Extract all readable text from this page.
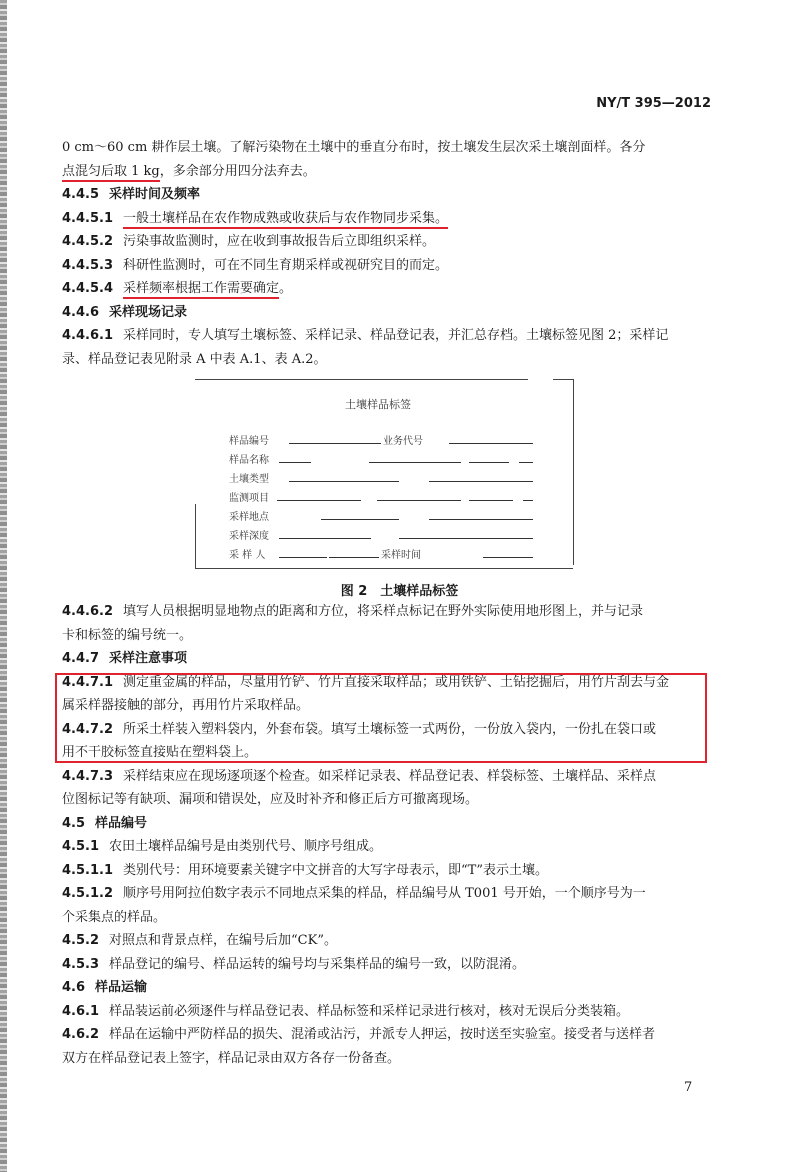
NY/T 395—2012

0 cm～60 cm 耕作层土壤。了解污染物在土壤中的垂直分布时，按土壤发生层次采土壤剖面样。各分

点混匀后取 1 kg，多余部分用四分法弃去。

4.4.5 采样时间及频率

4.4.5.1 一般土壤样品在农作物成熟或收获后与农作物同步采集。

4.4.5.2 污染事故监测时，应在收到事故报告后立即组织采样。

4.4.5.3 科研性监测时，可在不同生育期采样或视研究目的而定。

4.4.5.4 采样频率根据工作需要确定。

4.4.6 采样现场记录

4.4.6.1 采样同时，专人填写土壤标签、采样记录、样品登记表，并汇总存档。土壤标签见图 2；采样记

录、样品登记表见附录 A 中表 A.1、表 A.2。

土壤样品标签
样品编号	业务代号
样品名称
土壤类型
监测项目
采样地点
采样深度
采 样 人	采样时间
图 2　土壤样品标签

4.4.6.2 填写人员根据明显地物点的距离和方位，将采样点标记在野外实际使用地形图上，并与记录

卡和标签的编号统一。

4.4.7 采样注意事项

4.4.7.1 测定重金属的样品，尽量用竹铲、竹片直接采取样品；或用铁铲、土钻挖掘后，用竹片刮去与金

属采样器接触的部分，再用竹片采取样品。

4.4.7.2 所采土样装入塑料袋内，外套布袋。填写土壤标签一式两份，一份放入袋内，一份扎在袋口或

用不干胶标签直接贴在塑料袋上。

4.4.7.3 采样结束应在现场逐项逐个检查。如采样记录表、样品登记表、样袋标签、土壤样品、采样点

位图标记等有缺项、漏项和错误处，应及时补齐和修正后方可撤离现场。

4.5 样品编号

4.5.1 农田土壤样品编号是由类别代号、顺序号组成。

4.5.1.1 类别代号：用环境要素关键字中文拼音的大写字母表示，即“T”表示土壤。

4.5.1.2 顺序号用阿拉伯数字表示不同地点采集的样品，样品编号从 T001 号开始，一个顺序号为一

个采集点的样品。

4.5.2 对照点和背景点样，在编号后加“CK”。

4.5.3 样品登记的编号、样品运转的编号均与采集样品的编号一致，以防混淆。

4.6 样品运输

4.6.1 样品装运前必须逐件与样品登记表、样品标签和采样记录进行核对，核对无误后分类装箱。

4.6.2 样品在运输中严防样品的损失、混淆或沾污，并派专人押运，按时送至实验室。接受者与送样者

双方在样品登记表上签字，样品记录由双方各存一份备查。

7
